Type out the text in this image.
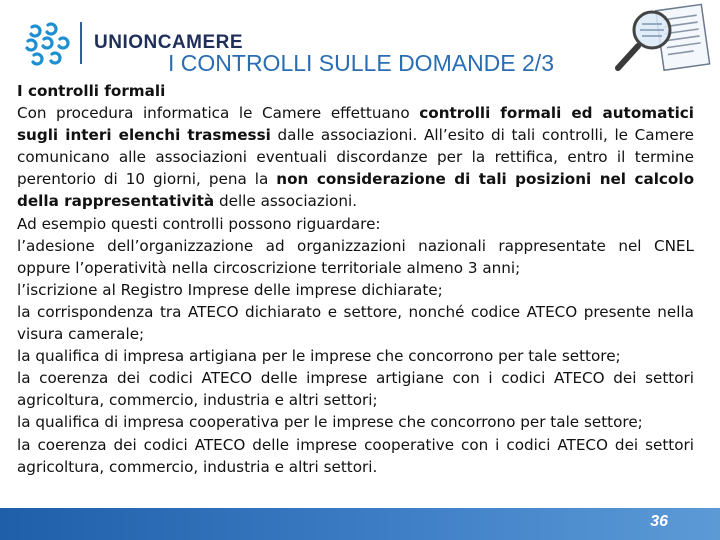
UNIONCAMERE
I CONTROLLI SULLE DOMANDE 2/3

I controlli formali

Con procedura informatica le Camere effettuano controlli formali ed automatici sugli interi elenchi trasmessi dalle associazioni. All’esito di tali controlli, le Camere comunicano alle associazioni eventuali discordanze per la rettifica, entro il termine perentorio di 10 giorni, pena la non considerazione di tali posizioni nel calcolo della rappresentatività delle associazioni.

Ad esempio questi controlli possono riguardare:

l’adesione dell’organizzazione ad organizzazioni nazionali rappresentate nel CNEL oppure l’operatività nella circoscrizione territoriale almeno 3 anni;

l’iscrizione al Registro Imprese delle imprese dichiarate;

la corrispondenza tra ATECO dichiarato e settore, nonché codice ATECO presente nella visura camerale;

la qualifica di impresa artigiana per le imprese che concorrono per tale settore;

la coerenza dei codici ATECO delle imprese artigiane con i codici ATECO dei settori agricoltura, commercio, industria e altri settori;

la qualifica di impresa cooperativa per le imprese che concorrono per tale settore;

la coerenza dei codici ATECO delle imprese cooperative con i codici ATECO dei settori agricoltura, commercio, industria e altri settori.

36
